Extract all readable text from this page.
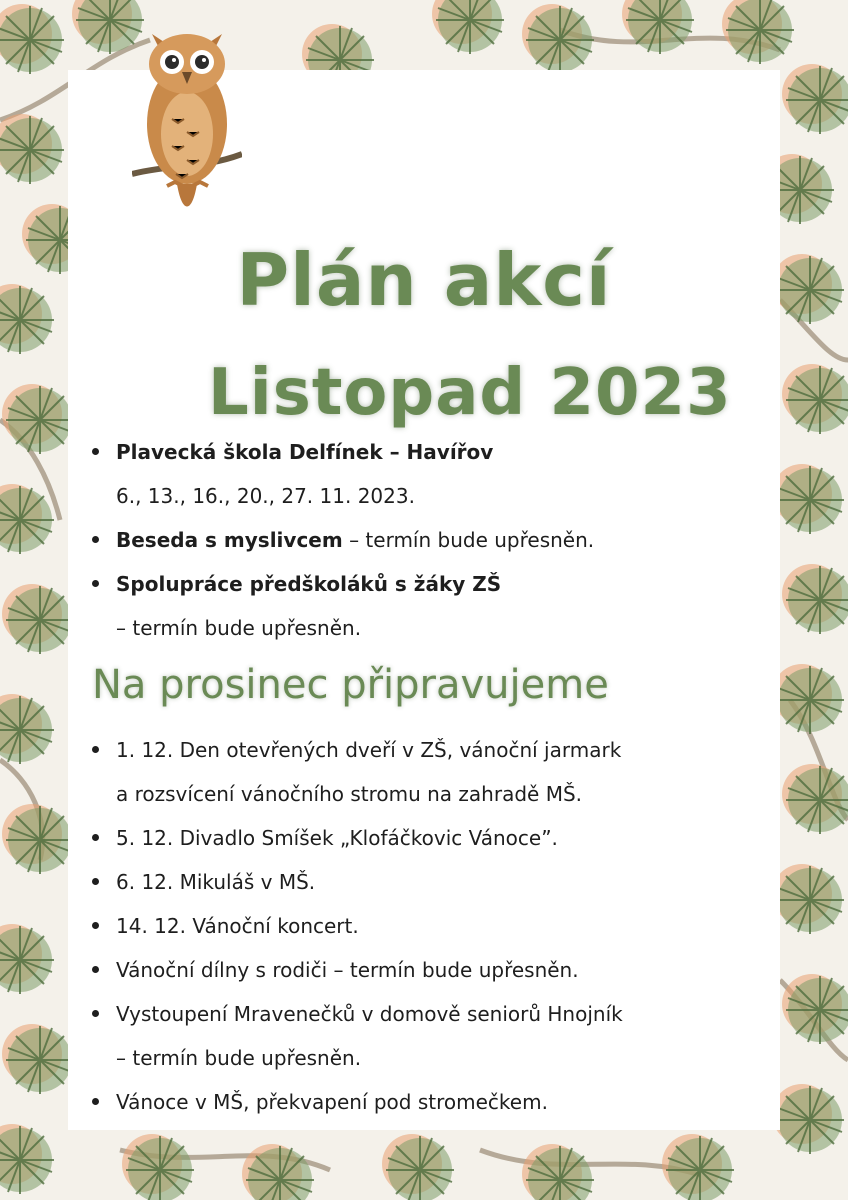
Plán akcí
Listopad 2023
Plavecká škola Delfínek – Havířov
6., 13., 16., 20., 27. 11. 2023.
Beseda s myslivcem – termín bude upřesněn.
Spolupráce předškoláků s žáky ZŠ
– termín bude upřesněn.
Na prosinec připravujeme
1. 12. Den otevřených dveří v ZŠ, vánoční jarmark
a rozsvícení vánočního stromu na zahradě MŠ.
5. 12. Divadlo Smíšek „Klofáčkovic Vánoce”.
6. 12. Mikuláš v MŠ.
14. 12. Vánoční koncert.
Vánoční dílny s rodiči – termín bude upřesněn.
Vystoupení Mravenečků v domově seniorů Hnojník
– termín bude upřesněn.
Vánoce v MŠ, překvapení pod stromečkem.
